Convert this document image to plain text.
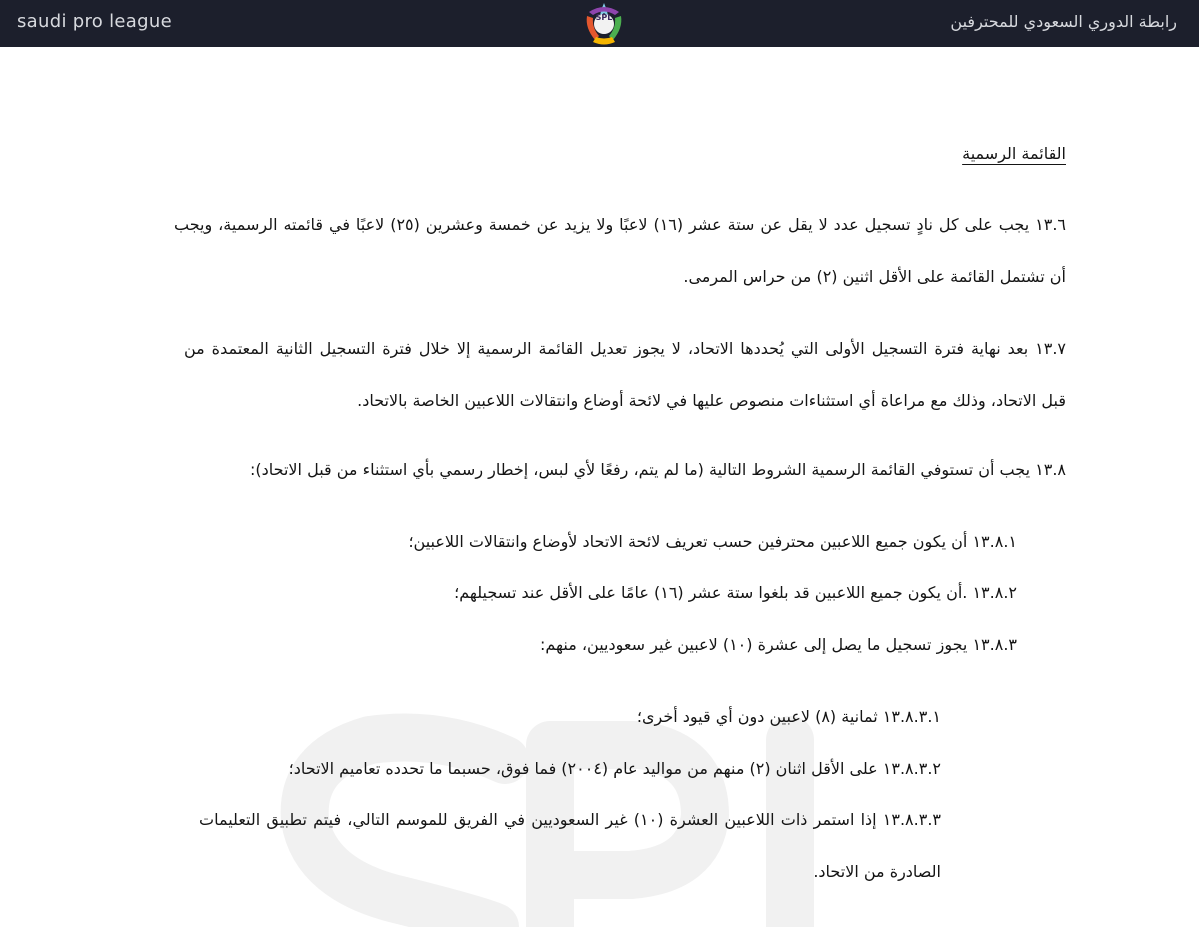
saudi pro league	SPL	رابطة الدوري السعودي للمحترفين
القائمة الرسمية
١٣.٦ يجب على كل نادٍ تسجيل عدد لا يقل عن ستة عشر (١٦) لاعبًا ولا يزيد عن خمسة وعشرين (٢٥) لاعبًا في قائمته الرسمية، ويجب
أن تشتمل القائمة على الأقل اثنين (٢) من حراس المرمى.
١٣.٧ بعد نهاية فترة التسجيل الأولى التي يُحددها الاتحاد، لا يجوز تعديل القائمة الرسمية إلا خلال فترة التسجيل الثانية المعتمدة من
قبل الاتحاد، وذلك مع مراعاة أي استثناءات منصوص عليها في لائحة أوضاع وانتقالات اللاعبين الخاصة بالاتحاد.
١٣.٨ يجب أن تستوفي القائمة الرسمية الشروط التالية (ما لم يتم، رفعًا لأي لبس، إخطار رسمي بأي استثناء من قبل الاتحاد):
١٣.٨.١ أن يكون جميع اللاعبين محترفين حسب تعريف لائحة الاتحاد لأوضاع وانتقالات اللاعبين؛
١٣.٨.٢ .أن يكون جميع اللاعبين قد بلغوا ستة عشر (١٦) عامًا على الأقل عند تسجيلهم؛
١٣.٨.٣ يجوز تسجيل ما يصل إلى عشرة (١٠) لاعبين غير سعوديين، منهم:
١٣.٨.٣.١ ثمانية (٨) لاعبين دون أي قيود أخرى؛
١٣.٨.٣.٢ على الأقل اثنان (٢) منهم من مواليد عام (٢٠٠٤) فما فوق، حسبما ما تحدده تعاميم الاتحاد؛
١٣.٨.٣.٣ إذا استمر ذات اللاعبين العشرة (١٠) غير السعوديين في الفريق للموسم التالي، فيتم تطبيق التعليمات
الصادرة من الاتحاد.
